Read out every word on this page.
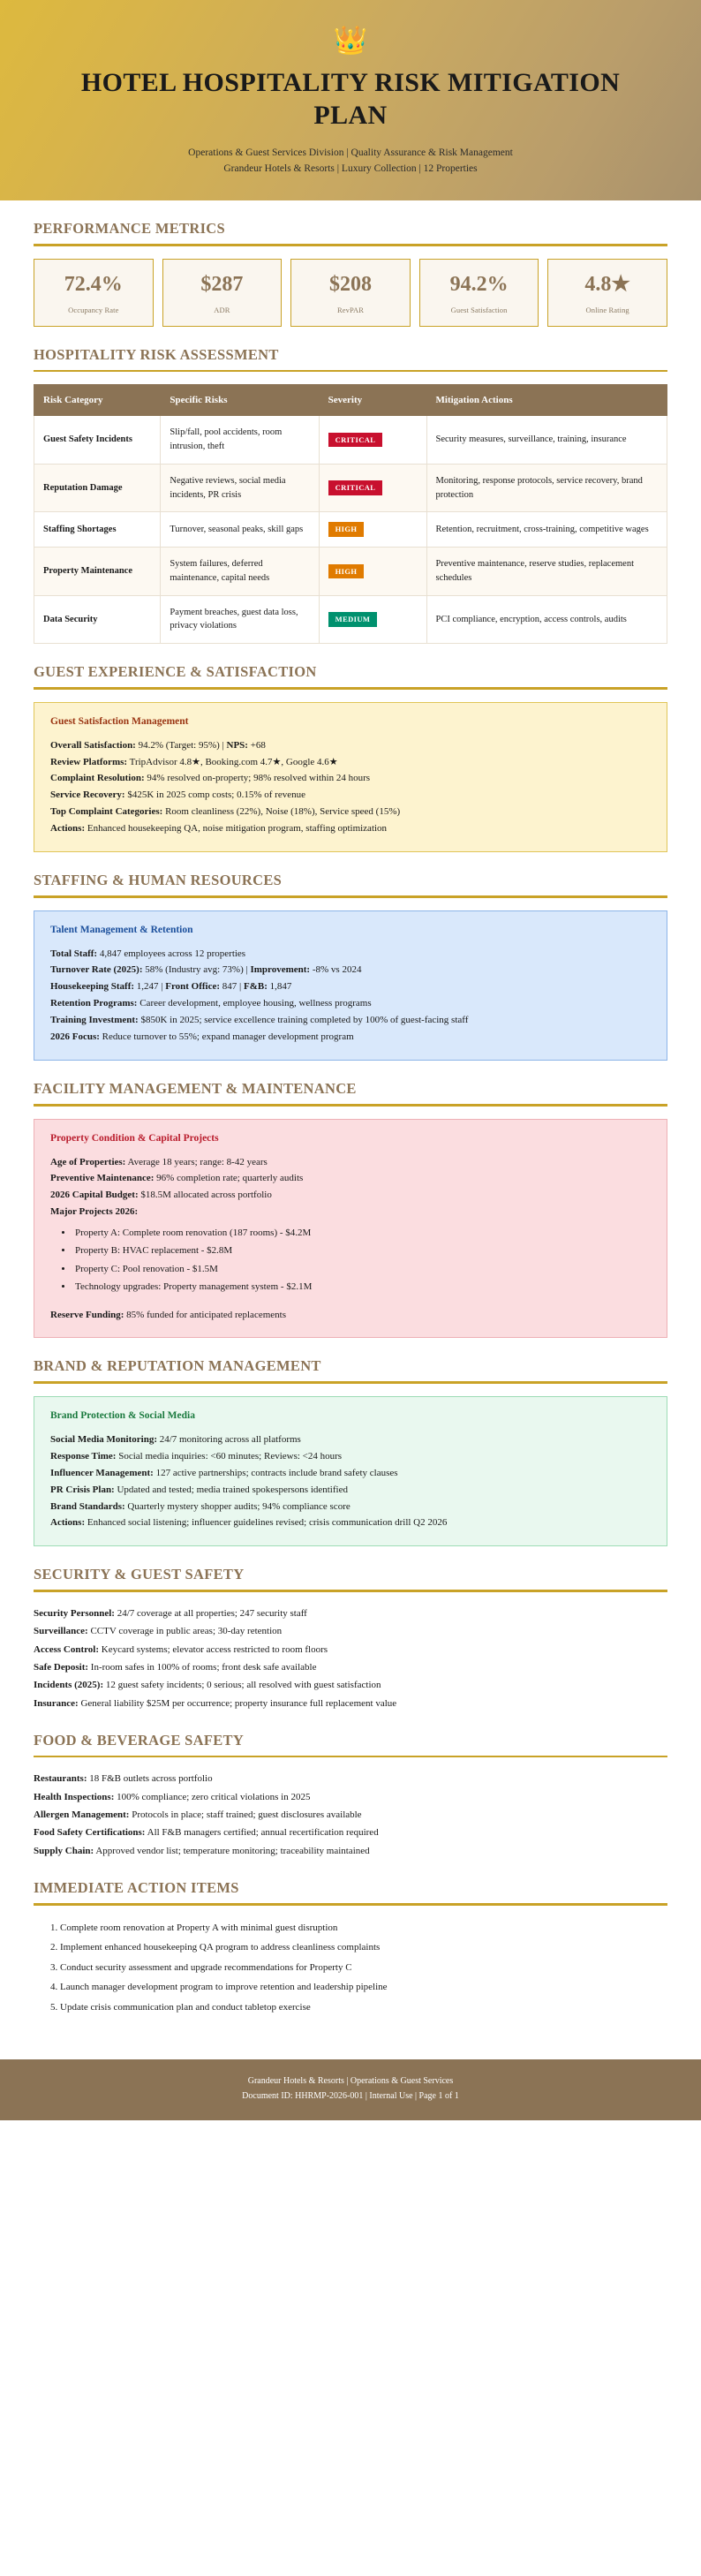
👑
HOTEL HOSPITALITY RISK MITIGATION PLAN

Operations & Guest Services Division | Quality Assurance & Risk Management

Grandeur Hotels & Resorts | Luxury Collection | 12 Properties

PERFORMANCE METRICS
72.4%
Occupancy Rate
$287
ADR
$208
RevPAR
94.2%
Guest Satisfaction
4.8★
Online Rating
HOSPITALITY RISK ASSESSMENT
Risk Category	Specific Risks	Severity	Mitigation Actions
Guest Safety Incidents	Slip/fall, pool accidents, room intrusion, theft	CRITICAL	Security measures, surveillance, training, insurance
Reputation Damage	Negative reviews, social media incidents, PR crisis	CRITICAL	Monitoring, response protocols, service recovery, brand protection
Staffing Shortages	Turnover, seasonal peaks, skill gaps	HIGH	Retention, recruitment, cross-training, competitive wages
Property Maintenance	System failures, deferred maintenance, capital needs	HIGH	Preventive maintenance, reserve studies, replacement schedules
Data Security	Payment breaches, guest data loss, privacy violations	MEDIUM	PCI compliance, encryption, access controls, audits
GUEST EXPERIENCE & SATISFACTION
Guest Satisfaction Management

Overall Satisfaction: 94.2% (Target: 95%) | NPS: +68
Review Platforms: TripAdvisor 4.8★, Booking.com 4.7★, Google 4.6★
Complaint Resolution: 94% resolved on-property; 98% resolved within 24 hours
Service Recovery: $425K in 2025 comp costs; 0.15% of revenue
Top Complaint Categories: Room cleanliness (22%), Noise (18%), Service speed (15%)
Actions: Enhanced housekeeping QA, noise mitigation program, staffing optimization

STAFFING & HUMAN RESOURCES
Talent Management & Retention

Total Staff: 4,847 employees across 12 properties
Turnover Rate (2025): 58% (Industry avg: 73%) | Improvement: -8% vs 2024
Housekeeping Staff: 1,247 | Front Office: 847 | F&B: 1,847
Retention Programs: Career development, employee housing, wellness programs
Training Investment: $850K in 2025; service excellence training completed by 100% of guest-facing staff
2026 Focus: Reduce turnover to 55%; expand manager development program

FACILITY MANAGEMENT & MAINTENANCE
Property Condition & Capital Projects

Age of Properties: Average 18 years; range: 8-42 years
Preventive Maintenance: 96% completion rate; quarterly audits
2026 Capital Budget: $18.5M allocated across portfolio
Major Projects 2026:

• Property A: Complete room renovation (187 rooms) - $4.2M
• Property B: HVAC replacement - $2.8M
• Property C: Pool renovation - $1.5M
• Technology upgrades: Property management system - $2.1M

Reserve Funding: 85% funded for anticipated replacements

BRAND & REPUTATION MANAGEMENT
Brand Protection & Social Media

Social Media Monitoring: 24/7 monitoring across all platforms
Response Time: Social media inquiries: <60 minutes; Reviews: <24 hours
Influencer Management: 127 active partnerships; contracts include brand safety clauses
PR Crisis Plan: Updated and tested; media trained spokespersons identified
Brand Standards: Quarterly mystery shopper audits; 94% compliance score
Actions: Enhanced social listening; influencer guidelines revised; crisis communication drill Q2 2026

SECURITY & GUEST SAFETY

Security Personnel: 24/7 coverage at all properties; 247 security staff
Surveillance: CCTV coverage in public areas; 30-day retention
Access Control: Keycard systems; elevator access restricted to room floors
Safe Deposit: In-room safes in 100% of rooms; front desk safe available
Incidents (2025): 12 guest safety incidents; 0 serious; all resolved with guest satisfaction
Insurance: General liability $25M per occurrence; property insurance full replacement value

FOOD & BEVERAGE SAFETY

Restaurants: 18 F&B outlets across portfolio
Health Inspections: 100% compliance; zero critical violations in 2025
Allergen Management: Protocols in place; staff trained; guest disclosures available
Food Safety Certifications: All F&B managers certified; annual recertification required
Supply Chain: Approved vendor list; temperature monitoring; traceability maintained

IMMEDIATE ACTION ITEMS
1. Complete room renovation at Property A with minimal guest disruption
2. Implement enhanced housekeeping QA program to address cleanliness complaints
3. Conduct security assessment and upgrade recommendations for Property C
4. Launch manager development program to improve retention and leadership pipeline
5. Update crisis communication plan and conduct tabletop exercise
Grandeur Hotels & Resorts | Operations & Guest Services
Document ID: HHRMP-2026-001 | Internal Use | Page 1 of 1
